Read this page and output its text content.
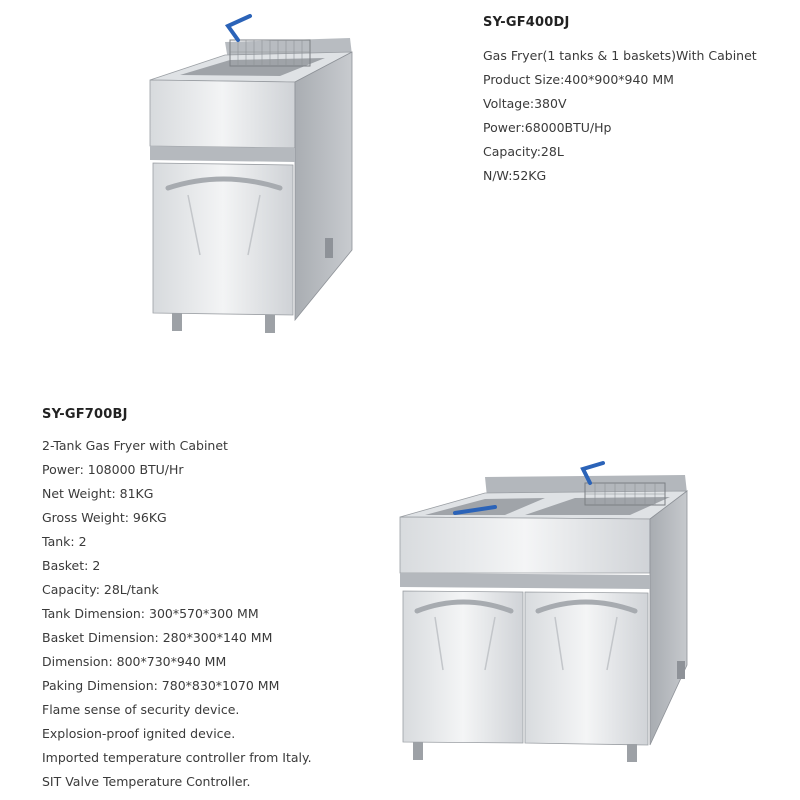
SY-GF400DJ
Gas Fryer(1 tanks & 1 baskets)With Cabinet
Product Size:400*900*940 MM
Voltage:380V
Power:68000BTU/Hp
Capacity:28L
N/W:52KG
SY-GF700BJ
2-Tank Gas Fryer with Cabinet
Power: 108000 BTU/Hr
Net Weight: 81KG
Gross Weight: 96KG
Tank: 2
Basket: 2
Capacity: 28L/tank
Tank Dimension: 300*570*300 MM
Basket Dimension: 280*300*140 MM
Dimension: 800*730*940 MM
Paking Dimension: 780*830*1070 MM
Flame sense of security device.
Explosion-proof ignited device.
Imported temperature controller from Italy.
SIT Valve Temperature Controller.
